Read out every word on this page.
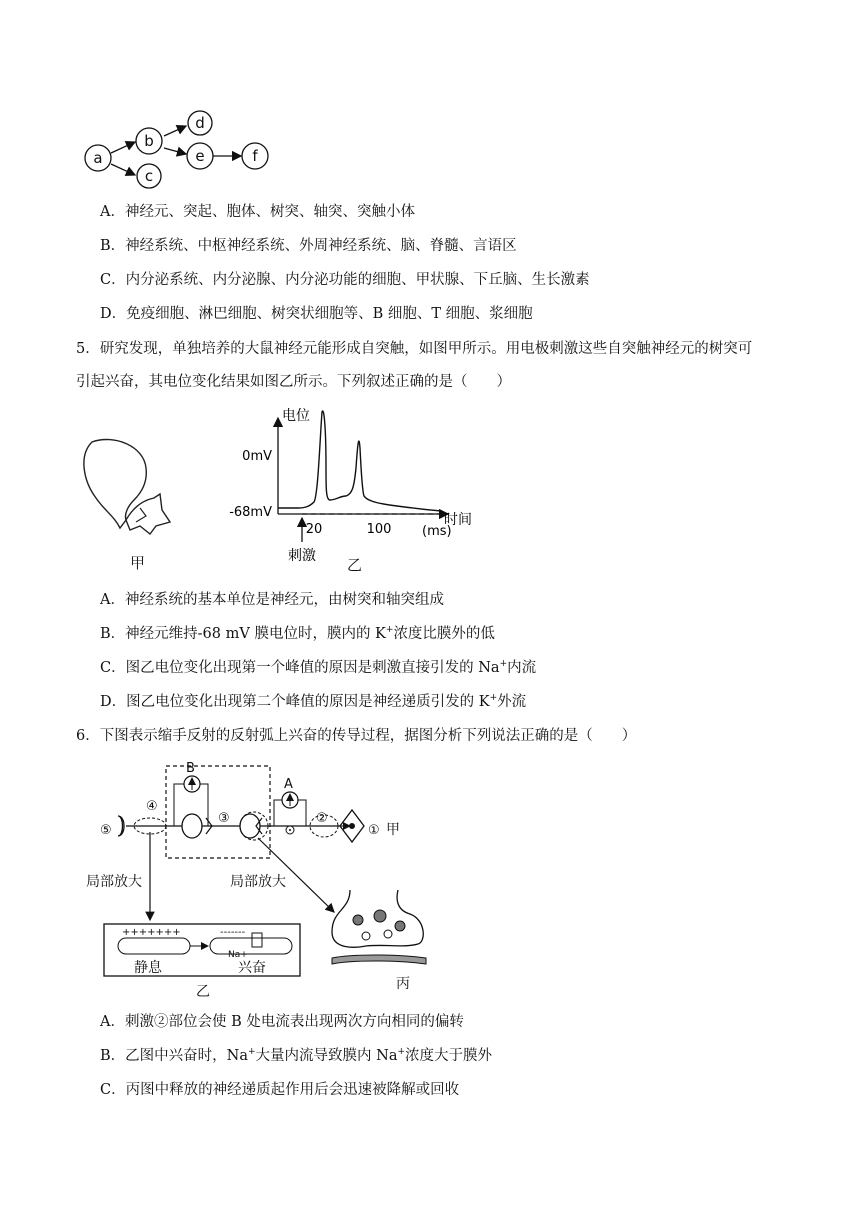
a
b
c
d
e	f
A．神经元、突起、胞体、树突、轴突、突触小体
B．神经系统、中枢神经系统、外周神经系统、脑、脊髓、言语区
C．内分泌系统、内分泌腺、内分泌功能的细胞、甲状腺、下丘脑、生长激素
D．免疫细胞、淋巴细胞、树突状细胞等、B 细胞、T 细胞、浆细胞
5．研究发现，单独培养的大鼠神经元能形成自突触，如图甲所示。用电极刺激这些自突触神经元的树突可
引起兴奋，其电位变化结果如图乙所示。下列叙述正确的是（　　）
甲
电位
0mV
-68mV	时间
20	100 (ms)
刺激 乙
A．神经系统的基本单位是神经元，由树突和轴突组成
B．神经元维持-68 mV 膜电位时，膜内的 K+浓度比膜外的低
C．图乙电位变化出现第一个峰值的原因是刺激直接引发的 Na+内流
D．图乙电位变化出现第二个峰值的原因是神经递质引发的 K+外流
6．下图表示缩手反射的反射弧上兴奋的传导过程，据图分析下列说法正确的是（　　）
B
A
②
③
④
⑤	① 甲
局部放大	局部放大
+++++++	-------
Na+
静息	兴奋
乙	丙
A．刺激②部位会使 B 处电流表出现两次方向相同的偏转
B．乙图中兴奋时，Na+大量内流导致膜内 Na+浓度大于膜外
C．丙图中释放的神经递质起作用后会迅速被降解或回收
